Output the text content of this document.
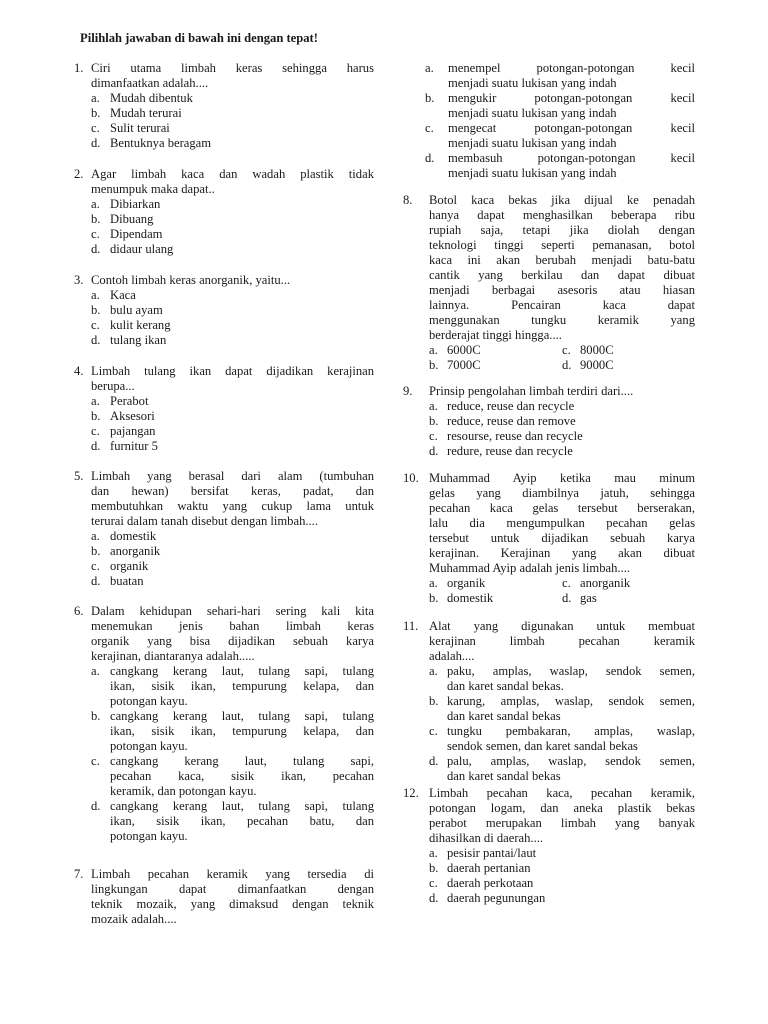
Pilihlah jawaban di bawah ini dengan tepat!
1. Ciri utama limbah keras sehingga harus
dimanfaatkan adalah....
a. Mudah dibentuk
b. Mudah terurai
c. Sulit terurai
d. Bentuknya beragam
2. Agar limbah kaca dan wadah plastik tidak
menumpuk maka dapat..
a. Dibiarkan
b. Dibuang
c. Dipendam
d. didaur ulang
3. Contoh limbah keras anorganik, yaitu...
a. Kaca
b. bulu ayam
c. kulit kerang
d. tulang ikan
4. Limbah tulang ikan dapat dijadikan kerajinan
berupa...
a. Perabot
b. Aksesori
c. pajangan
d. furnitur 5
5. Limbah yang berasal dari alam (tumbuhan
dan hewan) bersifat keras, padat, dan
membutuhkan waktu yang cukup lama untuk
terurai dalam tanah disebut dengan limbah....
a. domestik
b. anorganik
c. organik
d. buatan
6. Dalam kehidupan sehari-hari sering kali kita
menemukan jenis bahan limbah keras
organik yang bisa dijadikan sebuah karya
kerajinan, diantaranya adalah.....
a. cangkang kerang laut, tulang sapi, tulang
ikan, sisik ikan, tempurung kelapa, dan
potongan kayu.
b. cangkang kerang laut, tulang sapi, tulang
ikan, sisik ikan, tempurung kelapa, dan
potongan kayu.
c. cangkang kerang laut, tulang sapi,
pecahan kaca, sisik ikan, pecahan
keramik, dan potongan kayu.
d. cangkang kerang laut, tulang sapi, tulang
ikan, sisik ikan, pecahan batu, dan
potongan kayu.
7. Limbah pecahan keramik yang tersedia di
lingkungan dapat dimanfaatkan dengan
teknik mozaik, yang dimaksud dengan teknik
mozaik adalah....
a. menempel potongan-potongan kecil
menjadi suatu lukisan yang indah
b. mengukir potongan-potongan kecil
menjadi suatu lukisan yang indah
c. mengecat potongan-potongan kecil
menjadi suatu lukisan yang indah
d. membasuh potongan-potongan kecil
menjadi suatu lukisan yang indah
8. Botol kaca bekas jika dijual ke penadah
hanya dapat menghasilkan beberapa ribu
rupiah saja, tetapi jika diolah dengan
teknologi tinggi seperti pemanasan, botol
kaca ini akan berubah menjadi batu-batu
cantik yang berkilau dan dapat dibuat
menjadi berbagai asesoris atau hiasan
lainnya. Pencairan kaca dapat
menggunakan tungku keramik yang
berderajat tinggi hingga....
a. 6000C	c. 8000C
b. 7000C	d. 9000C
9. Prinsip pengolahan limbah terdiri dari....
a. reduce, reuse dan recycle
b. reduce, reuse dan remove
c. resourse, reuse dan recycle
d. redure, reuse dan recycle
10. Muhammad Ayip ketika mau minum
gelas yang diambilnya jatuh, sehingga
pecahan kaca gelas tersebut berserakan,
lalu dia mengumpulkan pecahan gelas
tersebut untuk dijadikan sebuah karya
kerajinan. Kerajinan yang akan dibuat
Muhammad Ayip adalah jenis limbah....
a. organik	c. anorganik
b. domestik	d. gas
11. Alat yang digunakan untuk membuat
kerajinan limbah pecahan keramik
adalah....
a. paku, amplas, waslap, sendok semen,
dan karet sandal bekas.
b. karung, amplas, waslap, sendok semen,
dan karet sandal bekas
c. tungku pembakaran, amplas, waslap,
sendok semen, dan karet sandal bekas
d. palu, amplas, waslap, sendok semen,
dan karet sandal bekas
12. Limbah pecahan kaca, pecahan keramik,
potongan logam, dan aneka plastik bekas
perabot merupakan limbah yang banyak
dihasilkan di daerah....
a. pesisir pantai/laut
b. daerah pertanian
c. daerah perkotaan
d. daerah pegunungan
